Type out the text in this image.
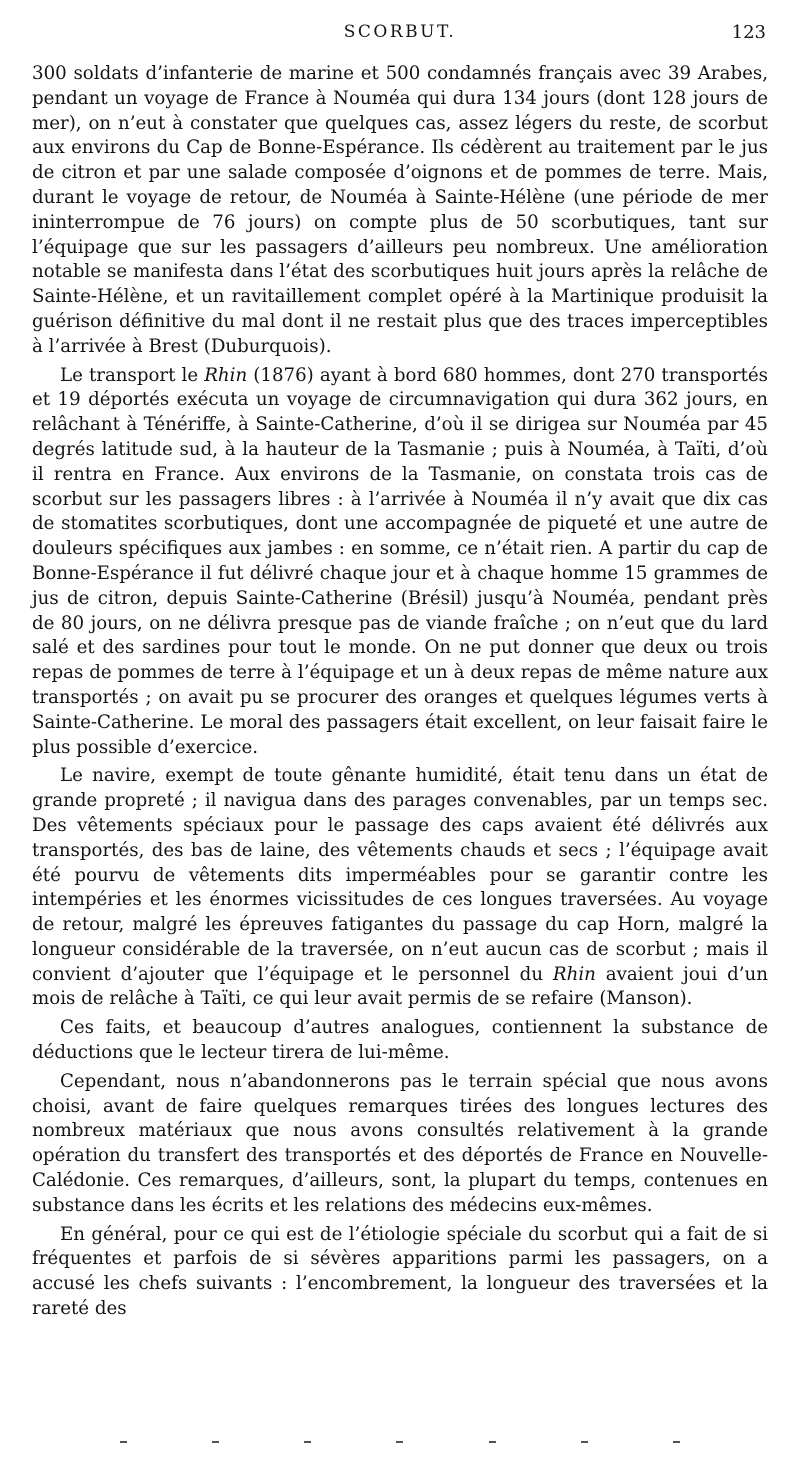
SCORBUT.	123

300 soldats d’infanterie de marine et 500 condamnés français avec 39 Arabes, pendant un voyage de France à Nouméa qui dura 134 jours (dont 128 jours de mer), on n’eut à constater que quelques cas, assez légers du reste, de scorbut aux environs du Cap de Bonne-Espérance. Ils cédèrent au traitement par le jus de citron et par une salade composée d’oignons et de pommes de terre. Mais, durant le voyage de retour, de Nouméa à Sainte-Hélène (une période de mer ininterrompue de 76 jours) on compte plus de 50 scorbutiques, tant sur l’équipage que sur les passagers d’ailleurs peu nombreux. Une amélioration notable se manifesta dans l’état des scorbutiques huit jours après la relâche de Sainte-Hélène, et un ravitaillement complet opéré à la Martinique produisit la guérison définitive du mal dont il ne restait plus que des traces imperceptibles à l’arrivée à Brest (Duburquois).

Le transport le Rhin (1876) ayant à bord 680 hommes, dont 270 transportés et 19 déportés exécuta un voyage de circumnavigation qui dura 362 jours, en relâchant à Ténériffe, à Sainte-Catherine, d’où il se dirigea sur Nouméa par 45 degrés latitude sud, à la hauteur de la Tasmanie ; puis à Nouméa, à Taïti, d’où il rentra en France. Aux environs de la Tasmanie, on constata trois cas de scorbut sur les passagers libres : à l’arrivée à Nouméa il n’y avait que dix cas de stomatites scorbutiques, dont une accompagnée de piqueté et une autre de douleurs spécifiques aux jambes : en somme, ce n’était rien. A partir du cap de Bonne-Espérance il fut délivré chaque jour et à chaque homme 15 grammes de jus de citron, depuis Sainte-Catherine (Brésil) jusqu’à Nouméa, pendant près de 80 jours, on ne délivra presque pas de viande fraîche ; on n’eut que du lard salé et des sardines pour tout le monde. On ne put donner que deux ou trois repas de pommes de terre à l’équipage et un à deux repas de même nature aux transportés ; on avait pu se procurer des oranges et quelques légumes verts à Sainte-Catherine. Le moral des passagers était excellent, on leur faisait faire le plus possible d’exercice.

Le navire, exempt de toute gênante humidité, était tenu dans un état de grande propreté ; il navigua dans des parages convenables, par un temps sec. Des vêtements spéciaux pour le passage des caps avaient été délivrés aux transportés, des bas de laine, des vêtements chauds et secs ; l’équipage avait été pourvu de vêtements dits imperméables pour se garantir contre les intempéries et les énormes vicissitudes de ces longues traversées. Au voyage de retour, malgré les épreuves fatigantes du passage du cap Horn, malgré la longueur considérable de la traversée, on n’eut aucun cas de scorbut ; mais il convient d’ajouter que l’équipage et le personnel du Rhin avaient joui d’un mois de relâche à Taïti, ce qui leur avait permis de se refaire (Manson).

Ces faits, et beaucoup d’autres analogues, contiennent la substance de déductions que le lecteur tirera de lui-même.

Cependant, nous n’abandonnerons pas le terrain spécial que nous avons choisi, avant de faire quelques remarques tirées des longues lectures des nombreux matériaux que nous avons consultés relativement à la grande opération du transfert des transportés et des déportés de France en Nouvelle-Calédonie. Ces remarques, d’ailleurs, sont, la plupart du temps, contenues en substance dans les écrits et les relations des médecins eux-mêmes.

En général, pour ce qui est de l’étiologie spéciale du scorbut qui a fait de si fréquentes et parfois de si sévères apparitions parmi les passagers, on a accusé les chefs suivants : l’encombrement, la longueur des traversées et la rareté des
